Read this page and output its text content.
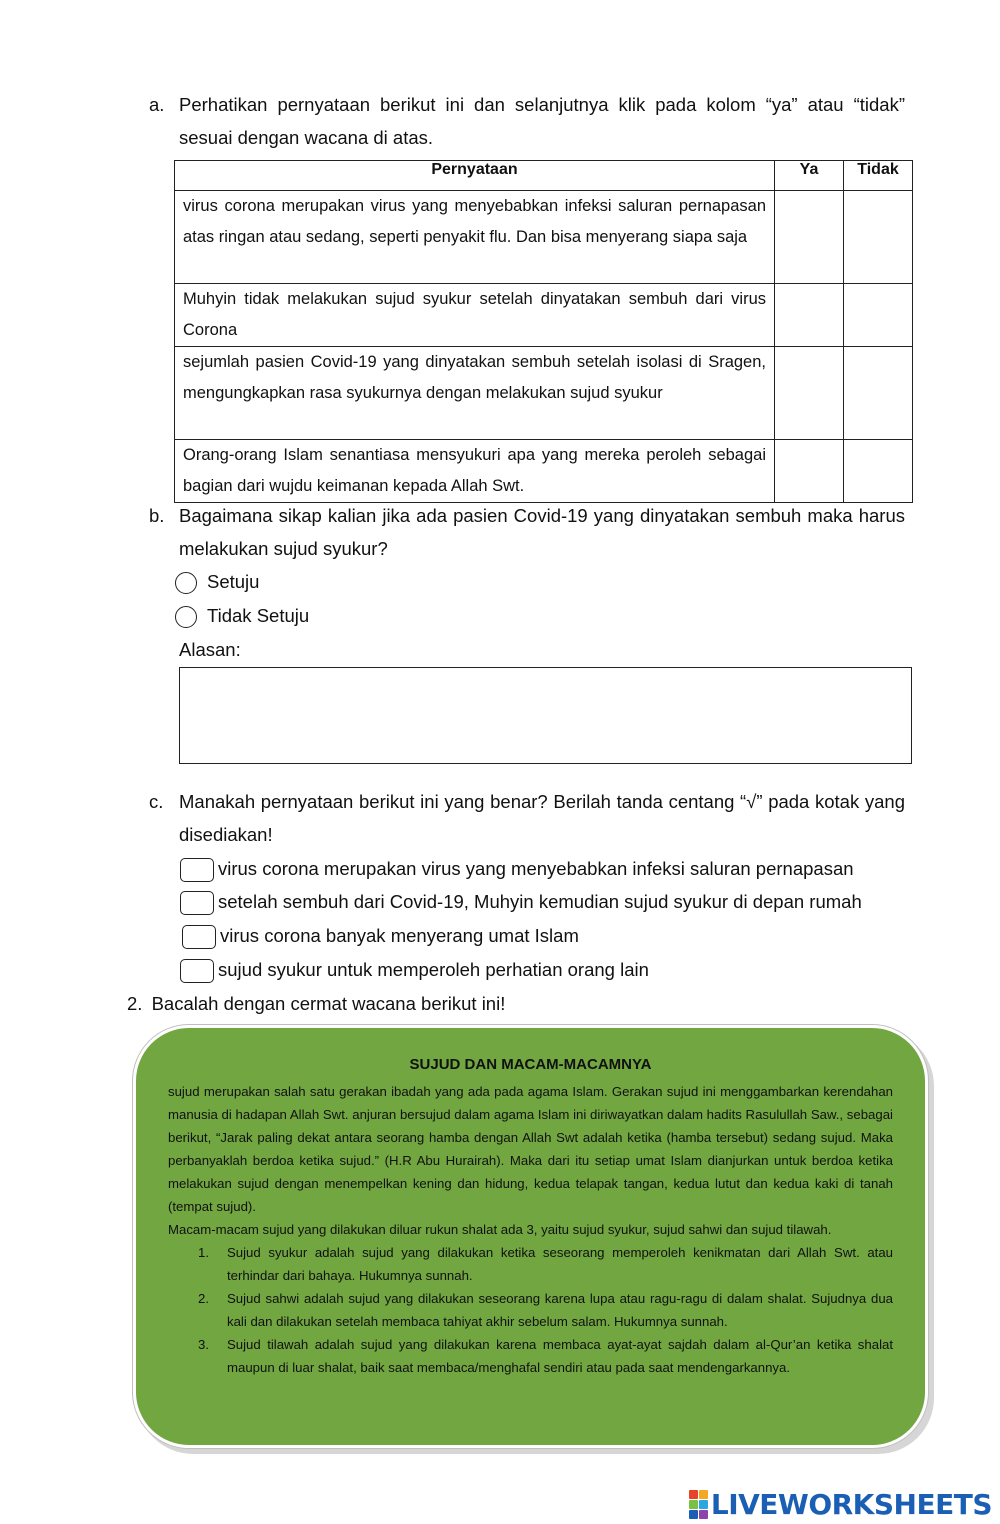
a. Perhatikan pernyataan berikut ini dan selanjutnya klik pada kolom “ya” atau “tidak” sesuai dengan wacana di atas.
Pernyataan	Ya	Tidak
virus corona merupakan virus yang menyebabkan infeksi saluran pernapasan atas ringan atau sedang, seperti penyakit flu. Dan bisa menyerang siapa saja		
Muhyin tidak melakukan sujud syukur setelah dinyatakan sembuh dari virus Corona		
sejumlah pasien Covid-19 yang dinyatakan sembuh setelah isolasi di Sragen, mengungkapkan rasa syukurnya dengan melakukan sujud syukur		
Orang-orang Islam senantiasa mensyukuri apa yang mereka peroleh sebagai bagian dari wujdu keimanan kepada Allah Swt.		
b. Bagaimana sikap kalian jika ada pasien Covid-19 yang dinyatakan sembuh maka harus melakukan sujud syukur?
Setuju
Tidak Setuju
Alasan:
c. Manakah pernyataan berikut ini yang benar? Berilah tanda centang “√” pada kotak yang disediakan!
virus corona merupakan virus yang menyebabkan infeksi saluran pernapasan
setelah sembuh dari Covid-19, Muhyin kemudian sujud syukur di depan rumah
virus corona banyak menyerang umat Islam
sujud syukur untuk memperoleh perhatian orang lain
2. Bacalah dengan cermat wacana berikut ini!
SUJUD DAN MACAM-MACAMNYA

sujud merupakan salah satu gerakan ibadah yang ada pada agama Islam. Gerakan sujud ini menggambarkan kerendahan manusia di hadapan Allah Swt. anjuran bersujud dalam agama Islam ini diriwayatkan dalam hadits Rasulullah Saw., sebagai berikut, “Jarak paling dekat antara seorang hamba dengan Allah Swt adalah ketika (hamba tersebut) sedang sujud. Maka perbanyaklah berdoa ketika sujud.” (H.R Abu Hurairah). Maka dari itu setiap umat Islam dianjurkan untuk berdoa ketika melakukan sujud dengan menempelkan kening dan hidung, kedua telapak tangan, kedua lutut dan kedua kaki di tanah (tempat sujud).

Macam-macam sujud yang dilakukan diluar rukun shalat ada 3, yaitu sujud syukur, sujud sahwi dan sujud tilawah.

1. Sujud syukur adalah sujud yang dilakukan ketika seseorang memperoleh kenikmatan dari Allah Swt. atau terhindar dari bahaya. Hukumnya sunnah.
2. Sujud sahwi adalah sujud yang dilakukan seseorang karena lupa atau ragu-ragu di dalam shalat. Sujudnya dua kali dan dilakukan setelah membaca tahiyat akhir sebelum salam. Hukumnya sunnah.
3. Sujud tilawah adalah sujud yang dilakukan karena membaca ayat-ayat sajdah dalam al-Qur’an ketika shalat maupun di luar shalat, baik saat membaca/menghafal sendiri atau pada saat mendengarkannya.
LIVEWORKSHEETS
